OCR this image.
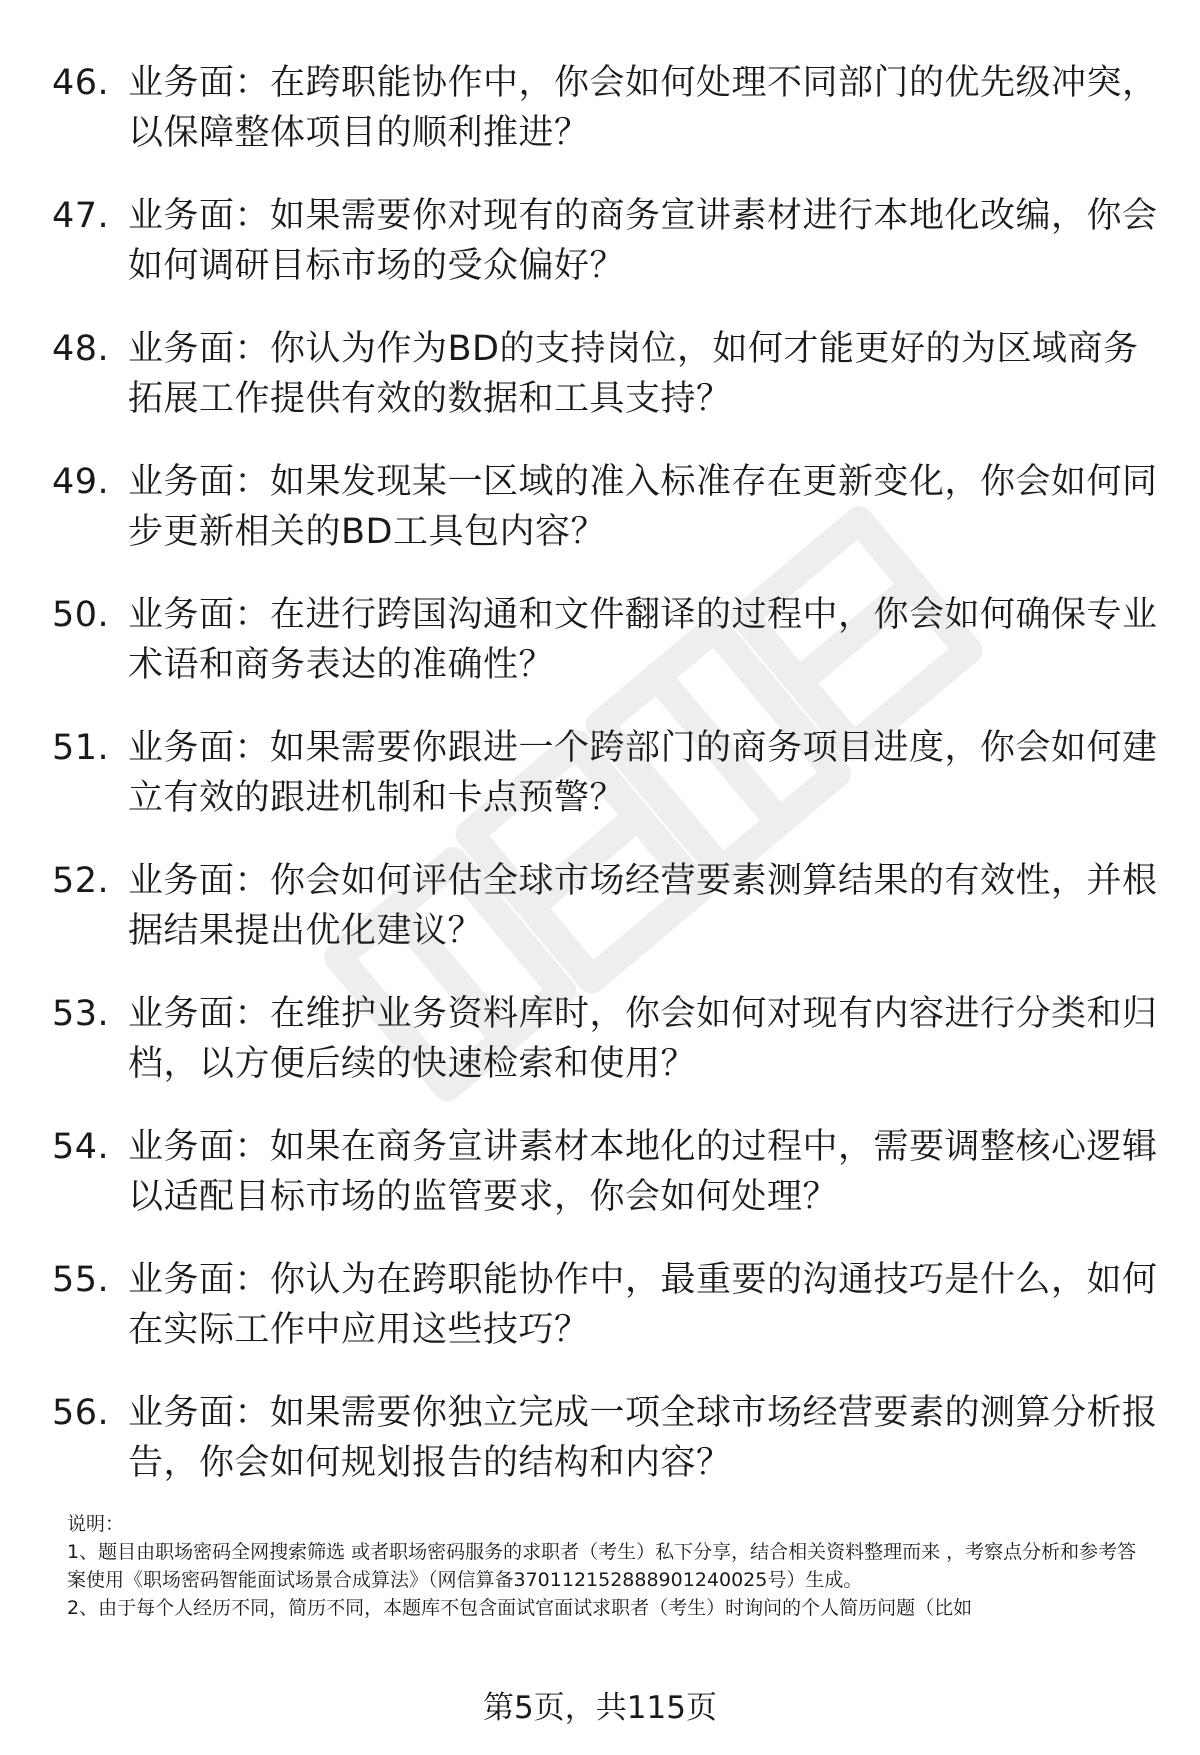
46. 业务面：在跨职能协作中，你会如何处理不同部门的优先级冲突，以保障整体项目的顺利推进？
47. 业务面：如果需要你对现有的商务宣讲素材进行本地化改编，你会如何调研目标市场的受众偏好？
48. 业务面：你认为作为BD的支持岗位，如何才能更好的为区域商务拓展工作提供有效的数据和工具支持？
49. 业务面：如果发现某一区域的准入标准存在更新变化，你会如何同步更新相关的BD工具包内容？
50. 业务面：在进行跨国沟通和文件翻译的过程中，你会如何确保专业术语和商务表达的准确性？
51. 业务面：如果需要你跟进一个跨部门的商务项目进度，你会如何建立有效的跟进机制和卡点预警？
52. 业务面：你会如何评估全球市场经营要素测算结果的有效性，并根据结果提出优化建议？
53. 业务面：在维护业务资料库时，你会如何对现有内容进行分类和归档，以方便后续的快速检索和使用？
54. 业务面：如果在商务宣讲素材本地化的过程中，需要调整核心逻辑以适配目标市场的监管要求，你会如何处理？
55. 业务面：你认为在跨职能协作中，最重要的沟通技巧是什么，如何在实际工作中应用这些技巧？
56. 业务面：如果需要你独立完成一项全球市场经营要素的测算分析报告，你会如何规划报告的结构和内容？

说明：

1、题目由职场密码全网搜索筛选 或者职场密码服务的求职者（考生）私下分享，结合相关资料整理而来 ，考察点分析和参考答案使用《职场密码智能面试场景合成算法》（网信算备370112152888901240025号）生成。

2、由于每个人经历不同，简历不同，本题库不包含面试官面试求职者（考生）时询问的个人简历问题（比如

第5页，共115页
